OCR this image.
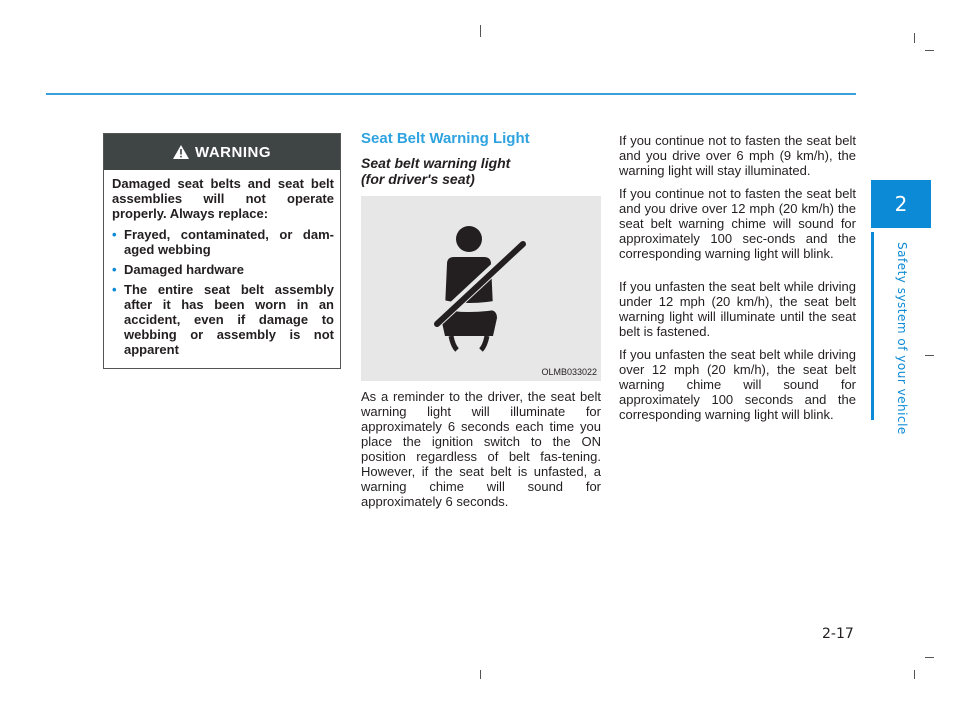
2
Safety system of your vehicle
WARNING

Damaged seat belts and seat belt assemblies will not operate properly. Always replace:

• Frayed, contaminated, or dam-aged webbing
• Damaged hardware
• The entire seat belt assembly after it has been worn in an accident, even if damage to webbing or assembly is not apparent
Seat Belt Warning Light

Seat belt warning light
(for driver's seat)

OLMB033022

As a reminder to the driver, the seat belt warning light will illuminate for approximately 6 seconds each time you place the ignition switch to the ON position regardless of belt fas-tening. However, if the seat belt is unfasted, a warning chime will sound for approximately 6 seconds.

If you continue not to fasten the seat belt and you drive over 6 mph (9 km/h), the warning light will stay illuminated.

If you continue not to fasten the seat belt and you drive over 12 mph (20 km/h) the seat belt warning chime will sound for approximately 100 sec-onds and the corresponding warning light will blink.

If you unfasten the seat belt while driving under 12 mph (20 km/h), the seat belt warning light will illuminate until the seat belt is fastened.

If you unfasten the seat belt while driving over 12 mph (20 km/h), the seat belt warning chime will sound for approximately 100 seconds and the corresponding warning light will blink.

2-17
